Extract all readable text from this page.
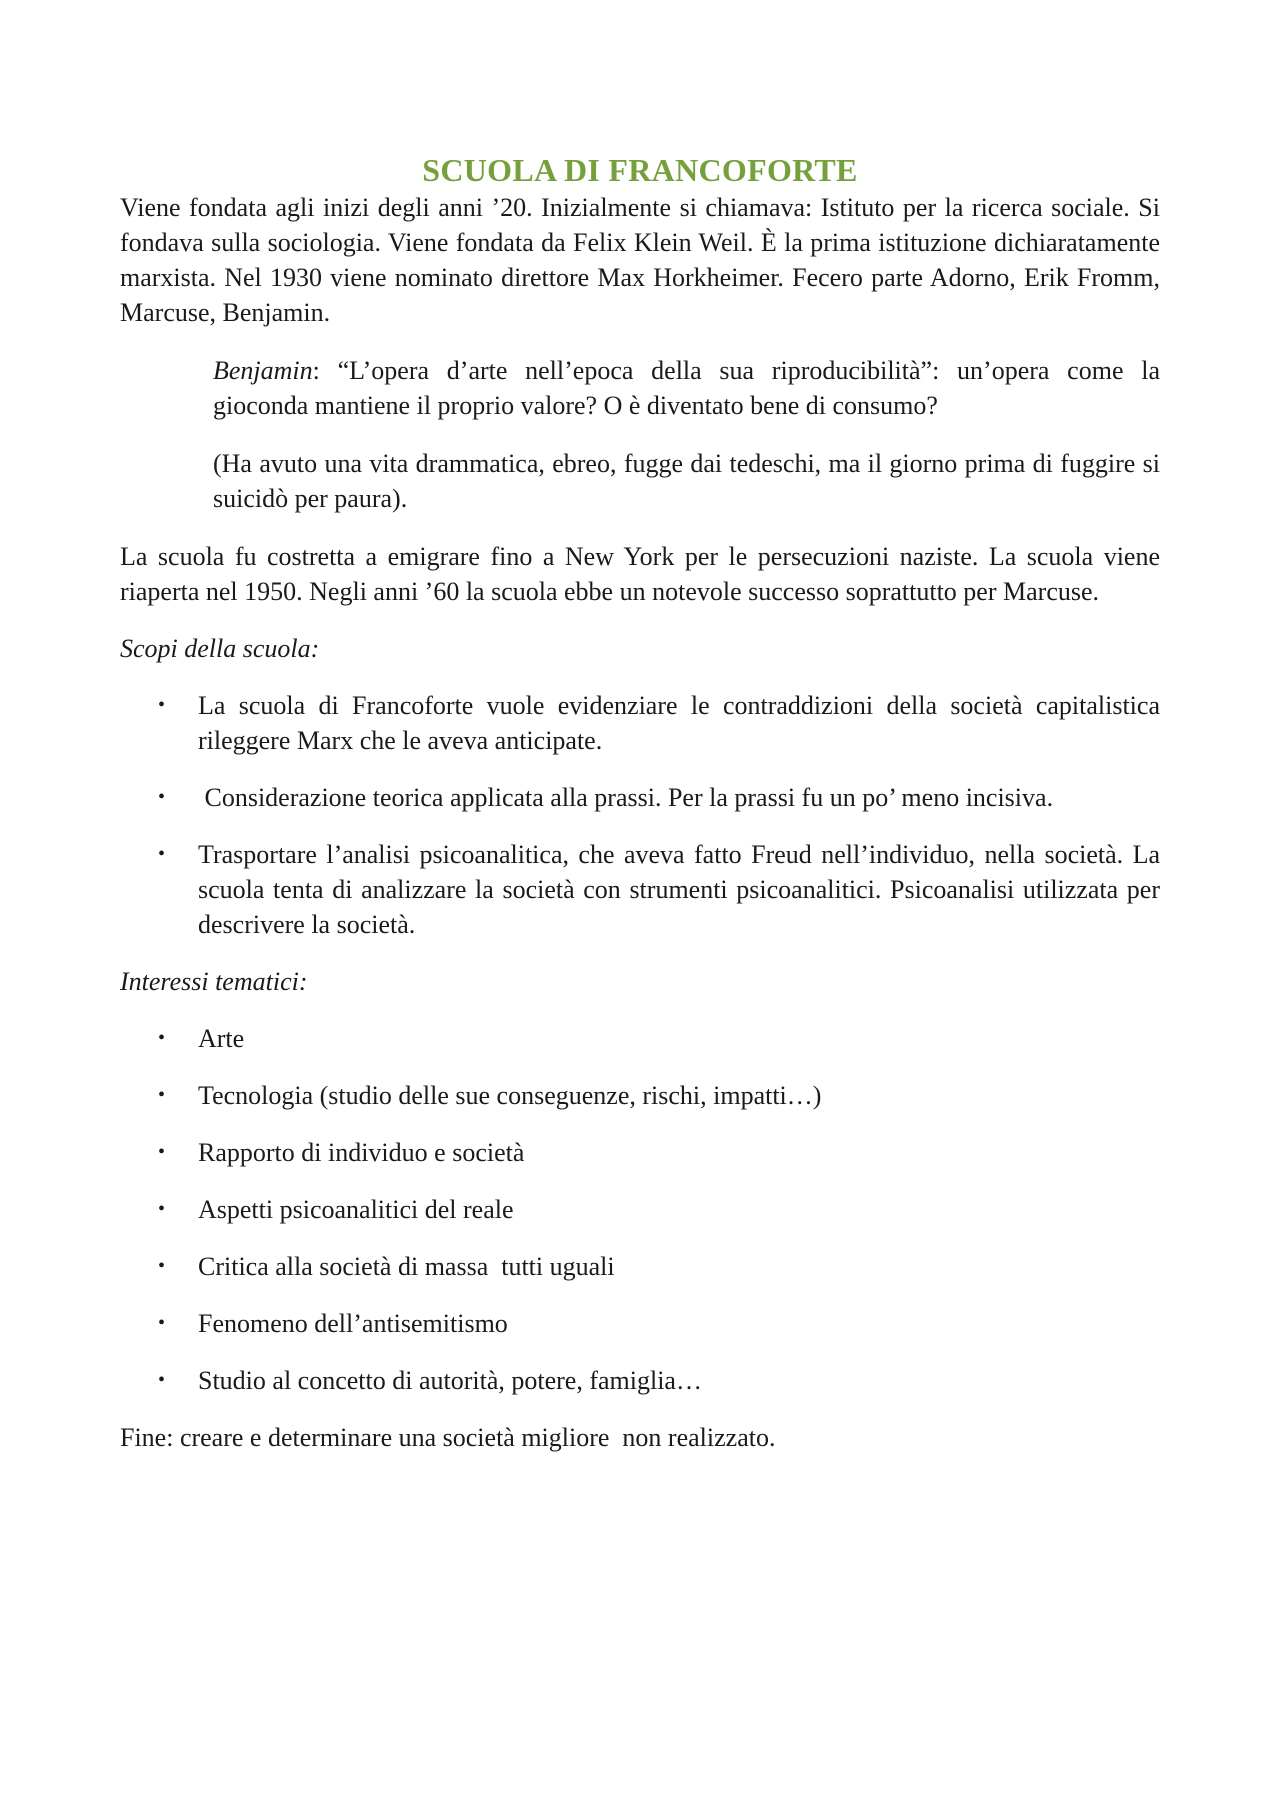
SCUOLA DI FRANCOFORTE

Viene fondata agli inizi degli anni ’20. Inizialmente si chiamava: Istituto per la ricerca sociale. Si fondava sulla sociologia. Viene fondata da Felix Klein Weil. È la prima istituzione dichiaratamente marxista. Nel 1930 viene nominato direttore Max Horkheimer. Fecero parte Adorno, Erik Fromm, Marcuse, Benjamin.

Benjamin: “L’opera d’arte nell’epoca della sua riproducibilità”: un’opera come la gioconda mantiene il proprio valore? O è diventato bene di consumo?

(Ha avuto una vita drammatica, ebreo, fugge dai tedeschi, ma il giorno prima di fuggire si suicidò per paura).

La scuola fu costretta a emigrare fino a New York per le persecuzioni naziste. La scuola viene riaperta nel 1950. Negli anni ’60 la scuola ebbe un notevole successo soprattutto per Marcuse.

Scopi della scuola:

• La scuola di Francoforte vuole evidenziare le contraddizioni della società capitalistica rileggere Marx che le aveva anticipate.
• Considerazione teorica applicata alla prassi. Per la prassi fu un po’ meno incisiva.
• Trasportare l’analisi psicoanalitica, che aveva fatto Freud nell’individuo, nella società. La scuola tenta di analizzare la società con strumenti psicoanalitici. Psicoanalisi utilizzata per descrivere la società.

Interessi tematici:

• Arte
• Tecnologia (studio delle sue conseguenze, rischi, impatti…)
• Rapporto di individuo e società
• Aspetti psicoanalitici del reale
• Critica alla società di massa  tutti uguali
• Fenomeno dell’antisemitismo
• Studio al concetto di autorità, potere, famiglia…

Fine: creare e determinare una società migliore  non realizzato.
